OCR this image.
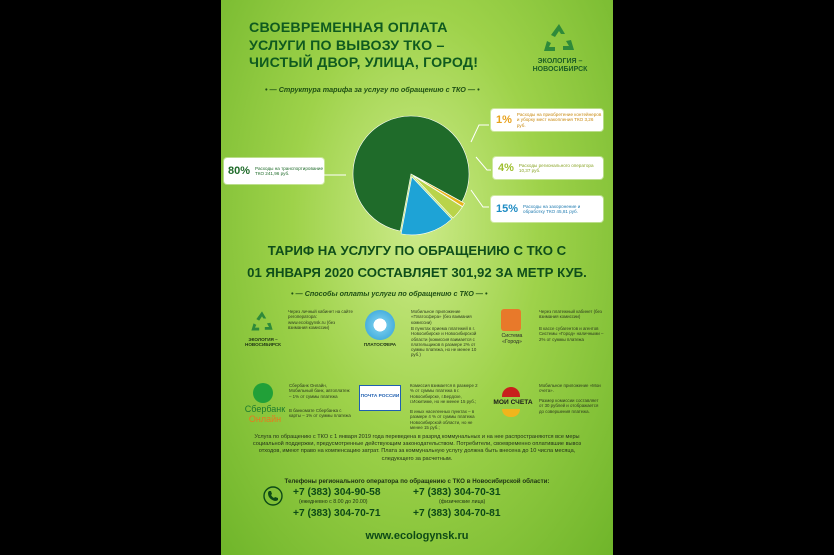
СВОЕВРЕМЕННАЯ ОПЛАТА
УСЛУГИ ПО ВЫВОЗУ ТКО –
ЧИСТЫЙ ДВОР, УЛИЦА, ГОРОД!	ЭКОЛОГИЯ –
НОВОСИБИРСК
• — Структура тарифа за услугу по обращению с ТКО — •
80% Расходы на транспортирование ТКО 241,96 руб.
1% Расходы на приобретение контейнеров и уборку мест накопления ТКО 3,26 руб.
4% Расходы регионального оператора 10,37 руб.
15% Расходы на захоронение и обработку ТКО 45,81 руб.
ТАРИФ НА УСЛУГУ ПО ОБРАЩЕНИЮ С ТКО С
01 ЯНВАРЯ 2020 СОСТАВЛЯЕТ 301,92 ЗА МЕТР КУБ.
• — Способы оплаты услуги по обращению с ТКО — •
ЭКОЛОГИЯ – НОВОСИБИРСК
Через личный кабинет на сайте регоператора: www.ecologynsk.ru (без взимания комиссии)
ПЛАТОСФЕРА
Мобильное приложение «Платосфера» (без взимания комиссии)
В пунктах приема платежей в г. Новосибирске и Новосибирской области (комиссия взимается с плательщиков в размере 2% от суммы платежа, но не менее 10 руб.)
Система «Город»
Через платежный кабинет (без взимания комиссии)
В кассе субагентов и агентов Системы «Город» наличными – 2% от суммы платежа
Сбербанк
Онлайн
Сбербанк Онлайн, Мобильный банк, автоплатеж – 1% от суммы платежа
В банкомате Сбербанка с карты – 1% от суммы платежа
ПОЧТА РОССИИ
Комиссия взимается в размере 2 % от суммы платежа в г. Новосибирске, г.Бердске, г.Искитиме, но не менее 15 руб.;
В иных населенных пунктах – в размере 4 % от суммы платежа Новосибирской области, но не менее 15 руб.;
МОИ СЧЕТА
Мобильное приложение «Мои счета».
Размер комиссии составляет от 30 рублей и отображается до совершения платежа.
Услуга по обращению с ТКО с 1 января 2019 года переведена в разряд коммунальных и на нее распространяются все меры социальной поддержки, предусмотренные действующим законодательством. Потребители, своевременно оплатившие вывоз отходов, имеют право на компенсацию затрат. Плата за коммунальную услугу должна быть внесена до 10 числа месяца, следующего за расчетным.
Телефоны регионального оператора по обращению с ТКО в Новосибирской области:
+7 (383) 304-90-58
(ежедневно с 8.00 до 20.00)
+7 (383) 304-70-31
(физические лица)
+7 (383) 304-70-71	+7 (383) 304-70-81
www.ecologynsk.ru
